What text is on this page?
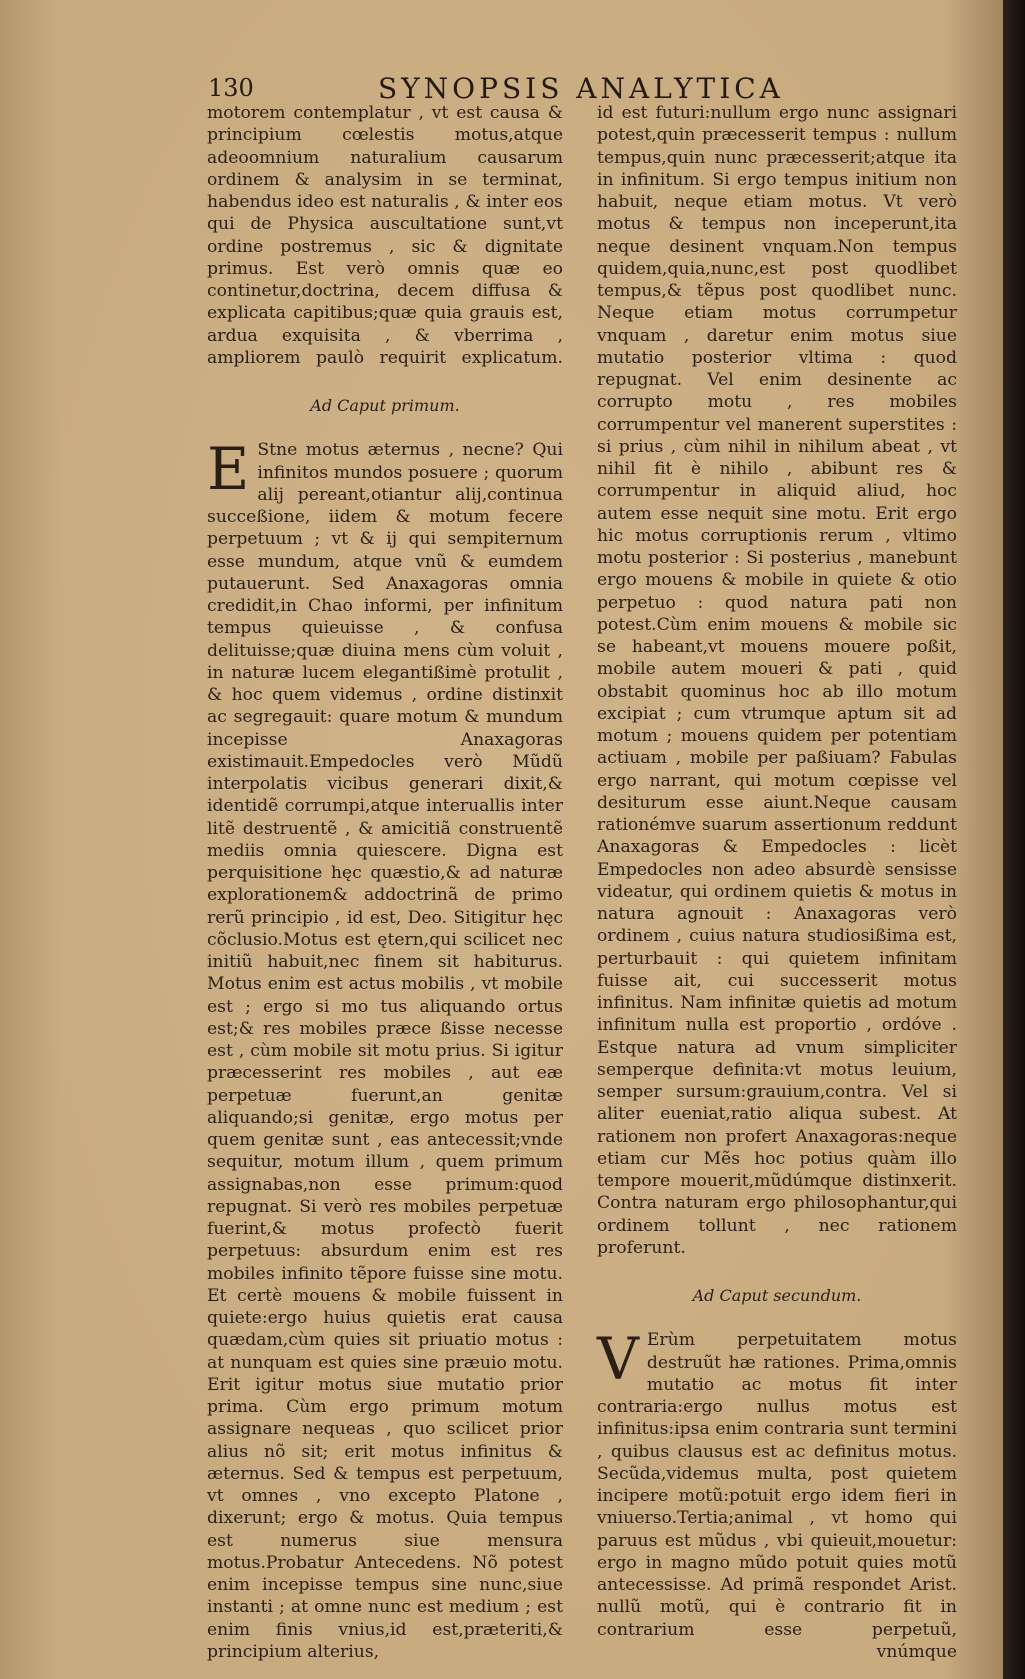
130	SYNOPSIS ANALYTICA

motorem contemplatur , vt est causa & principium cœlestis motus,atque adeoomnium naturalium causarum ordinem & analysim in se terminat, habendus ideo est naturalis , & inter eos qui de Physica auscultatione sunt,vt ordine postremus , sic & dignitate primus. Est verò omnis quæ eo continetur,doctrina, decem diffusa & explicata capitibus;quæ quia grauis est, ardua exquisita , & vberrima , ampliorem paulò requirit explicatum.

Ad Caput primum.

E Stne motus æternus , necne? Qui infinitos mundos posuere ; quorum alij pereant,otiantur alij,continua succeßione, iidem & motum fecere perpetuum ; vt & ij qui sempiternum esse mundum, atque vnũ & eumdem putauerunt. Sed Anaxagoras omnia credidit,in Chao informi, per infinitum tempus quieuisse , & confusa delituisse;quæ diuina mens cùm voluit , in naturæ lucem elegantißimè protulit , & hoc quem videmus , ordine distinxit ac segregauit: quare motum & mundum incepisse Anaxagoras existimauit.Empedocles verò Mũdũ interpolatis vicibus generari dixit,& identidẽ corrumpi,atque interuallis inter litẽ destruentẽ , & amicitiã construentẽ mediis omnia quiescere. Digna est perquisitione hęc quæstio,& ad naturæ explorationem& addoctrinã de primo rerũ principio , id est, Deo. Sitigitur hęc cõclusio.Motus est ętern,qui scilicet nec initiũ habuit,nec finem sit habiturus. Motus enim est actus mobilis , vt mobile est ; ergo si mo tus aliquando ortus est;& res mobiles præce ßisse necesse est , cùm mobile sit motu prius. Si igitur præcesserint res mobiles , aut eæ perpetuæ fuerunt,an genitæ aliquando;si genitæ, ergo motus per quem genitæ sunt , eas antecessit;vnde sequitur, motum illum , quem primum assignabas,non esse primum:quod repugnat. Si verò res mobiles perpetuæ fuerint,& motus profectò fuerit perpetuus: absurdum enim est res mobiles infinito tẽpore fuisse sine motu. Et certè mouens & mobile fuissent in quiete:ergo huius quietis erat causa quædam,cùm quies sit priuatio motus : at nunquam est quies sine præuio motu. Erit igitur motus siue mutatio prior prima. Cùm ergo primum motum assignare nequeas , quo scilicet prior alius nõ sit; erit motus infinitus & æternus. Sed & tempus est perpetuum, vt omnes , vno excepto Platone , dixerunt; ergo & motus. Quia tempus est numerus siue mensura motus.Probatur Antecedens. Nõ potest enim incepisse tempus sine nunc,siue instanti ; at omne nunc est medium ; est enim finis vnius,id est,præteriti,& principium alterius,

id est futuri:nullum ergo nunc assignari potest,quin præcesserit tempus : nullum tempus,quin nunc præcesserit;atque ita in infinitum. Si ergo tempus initium non habuit, neque etiam motus. Vt verò motus & tempus non inceperunt,ita neque desinent vnquam.Non tempus quidem,quia,nunc,est post quodlibet tempus,& tẽpus post quodlibet nunc. Neque etiam motus corrumpetur vnquam , daretur enim motus siue mutatio posterior vltima : quod repugnat. Vel enim desinente ac corrupto motu , res mobiles corrumpentur vel manerent superstites : si prius , cùm nihil in nihilum abeat , vt nihil fit è nihilo , abibunt res & corrumpentur in aliquid aliud, hoc autem esse nequit sine motu. Erit ergo hic motus corruptionis rerum , vltimo motu posterior : Si posterius , manebunt ergo mouens & mobile in quiete & otio perpetuo : quod natura pati non potest.Cùm enim mouens & mobile sic se habeant,vt mouens mouere poßit, mobile autem moueri & pati , quid obstabit quominus hoc ab illo motum excipiat ; cum vtrumque aptum sit ad motum ; mouens quidem per potentiam actiuam , mobile per paßiuam? Fabulas ergo narrant, qui motum cœpisse vel desiturum esse aiunt.Neque causam rationémve suarum assertionum reddunt Anaxagoras & Empedocles : licèt Empedocles non adeo absurdè sensisse videatur, qui ordinem quietis & motus in natura agnouit : Anaxagoras verò ordinem , cuius natura studiosißima est, perturbauit : qui quietem infinitam fuisse ait, cui successerit motus infinitus. Nam infinitæ quietis ad motum infinitum nulla est proportio , ordóve . Estque natura ad vnum simpliciter semperque definita:vt motus leuium, semper sursum:grauium,contra. Vel si aliter eueniat,ratio aliqua subest. At rationem non profert Anaxagoras:neque etiam cur Mẽs hoc potius quàm illo tempore mouerit,mũdúmque distinxerit. Contra naturam ergo philosophantur,qui ordinem tollunt , nec rationem proferunt.

Ad Caput secundum.

V Erùm perpetuitatem motus destruũt hæ rationes. Prima,omnis mutatio ac motus fit inter contraria:ergo nullus motus est infinitus:ipsa enim contraria sunt termini , quibus clausus est ac definitus motus. Secũda,videmus multa, post quietem incipere motũ:potuit ergo idem fieri in vniuerso.Tertia;animal , vt homo qui paruus est mũdus , vbi quieuit,mouetur: ergo in magno mũdo potuit quies motũ antecessisse. Ad primã respondet Arist. nullũ motũ, qui è contrario fit in contrarium esse perpetuũ,

vnúmque
